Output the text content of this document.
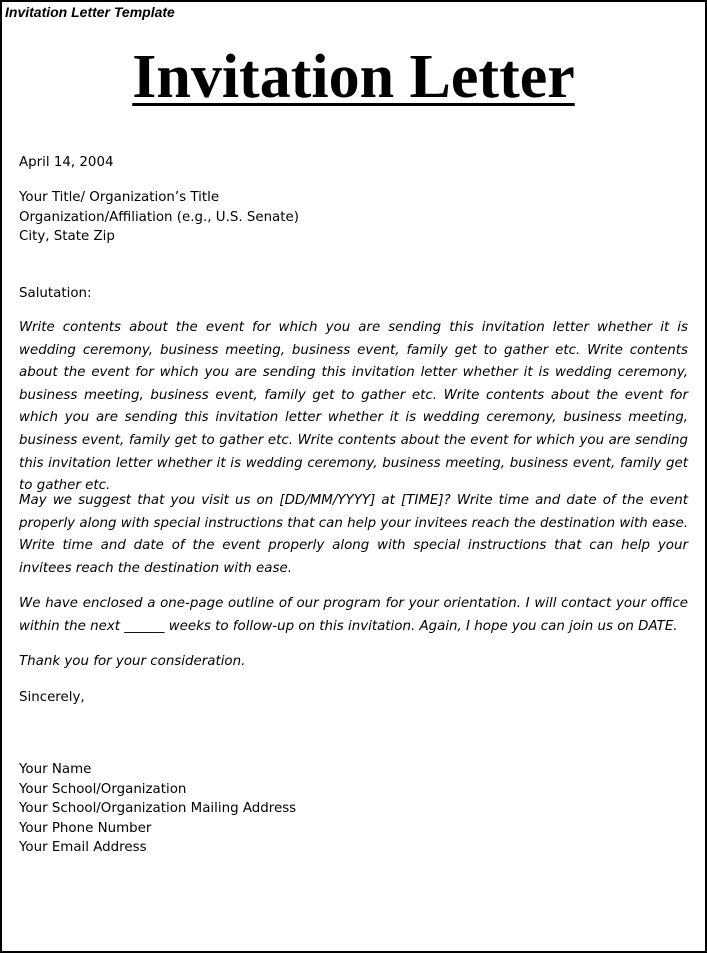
Invitation Letter Template
Invitation Letter
April 14, 2004
Your Title/ Organization’s Title
Organization/Affiliation (e.g., U.S. Senate)
City, State Zip
Salutation:
Write contents about the event for which you are sending this invitation letter whether it is wedding ceremony, business meeting, business event, family get to gather etc. Write contents about the event for which you are sending this invitation letter whether it is wedding ceremony, business meeting, business event, family get to gather etc. Write contents about the event for which you are sending this invitation letter whether it is wedding ceremony, business meeting, business event, family get to gather etc. Write contents about the event for which you are sending this invitation letter whether it is wedding ceremony, business meeting, business event, family get to gather etc.
May we suggest that you visit us on [DD/MM/YYYY] at [TIME]? Write time and date of the event properly along with special instructions that can help your invitees reach the destination with ease. Write time and date of the event properly along with special instructions that can help your invitees reach the destination with ease.
We have enclosed a one-page outline of our program for your orientation. I will contact your office within the next ______ weeks to follow-up on this invitation. Again, I hope you can join us on DATE.
Thank you for your consideration.
Sincerely,
Your Name
Your School/Organization
Your School/Organization Mailing Address
Your Phone Number
Your Email Address
